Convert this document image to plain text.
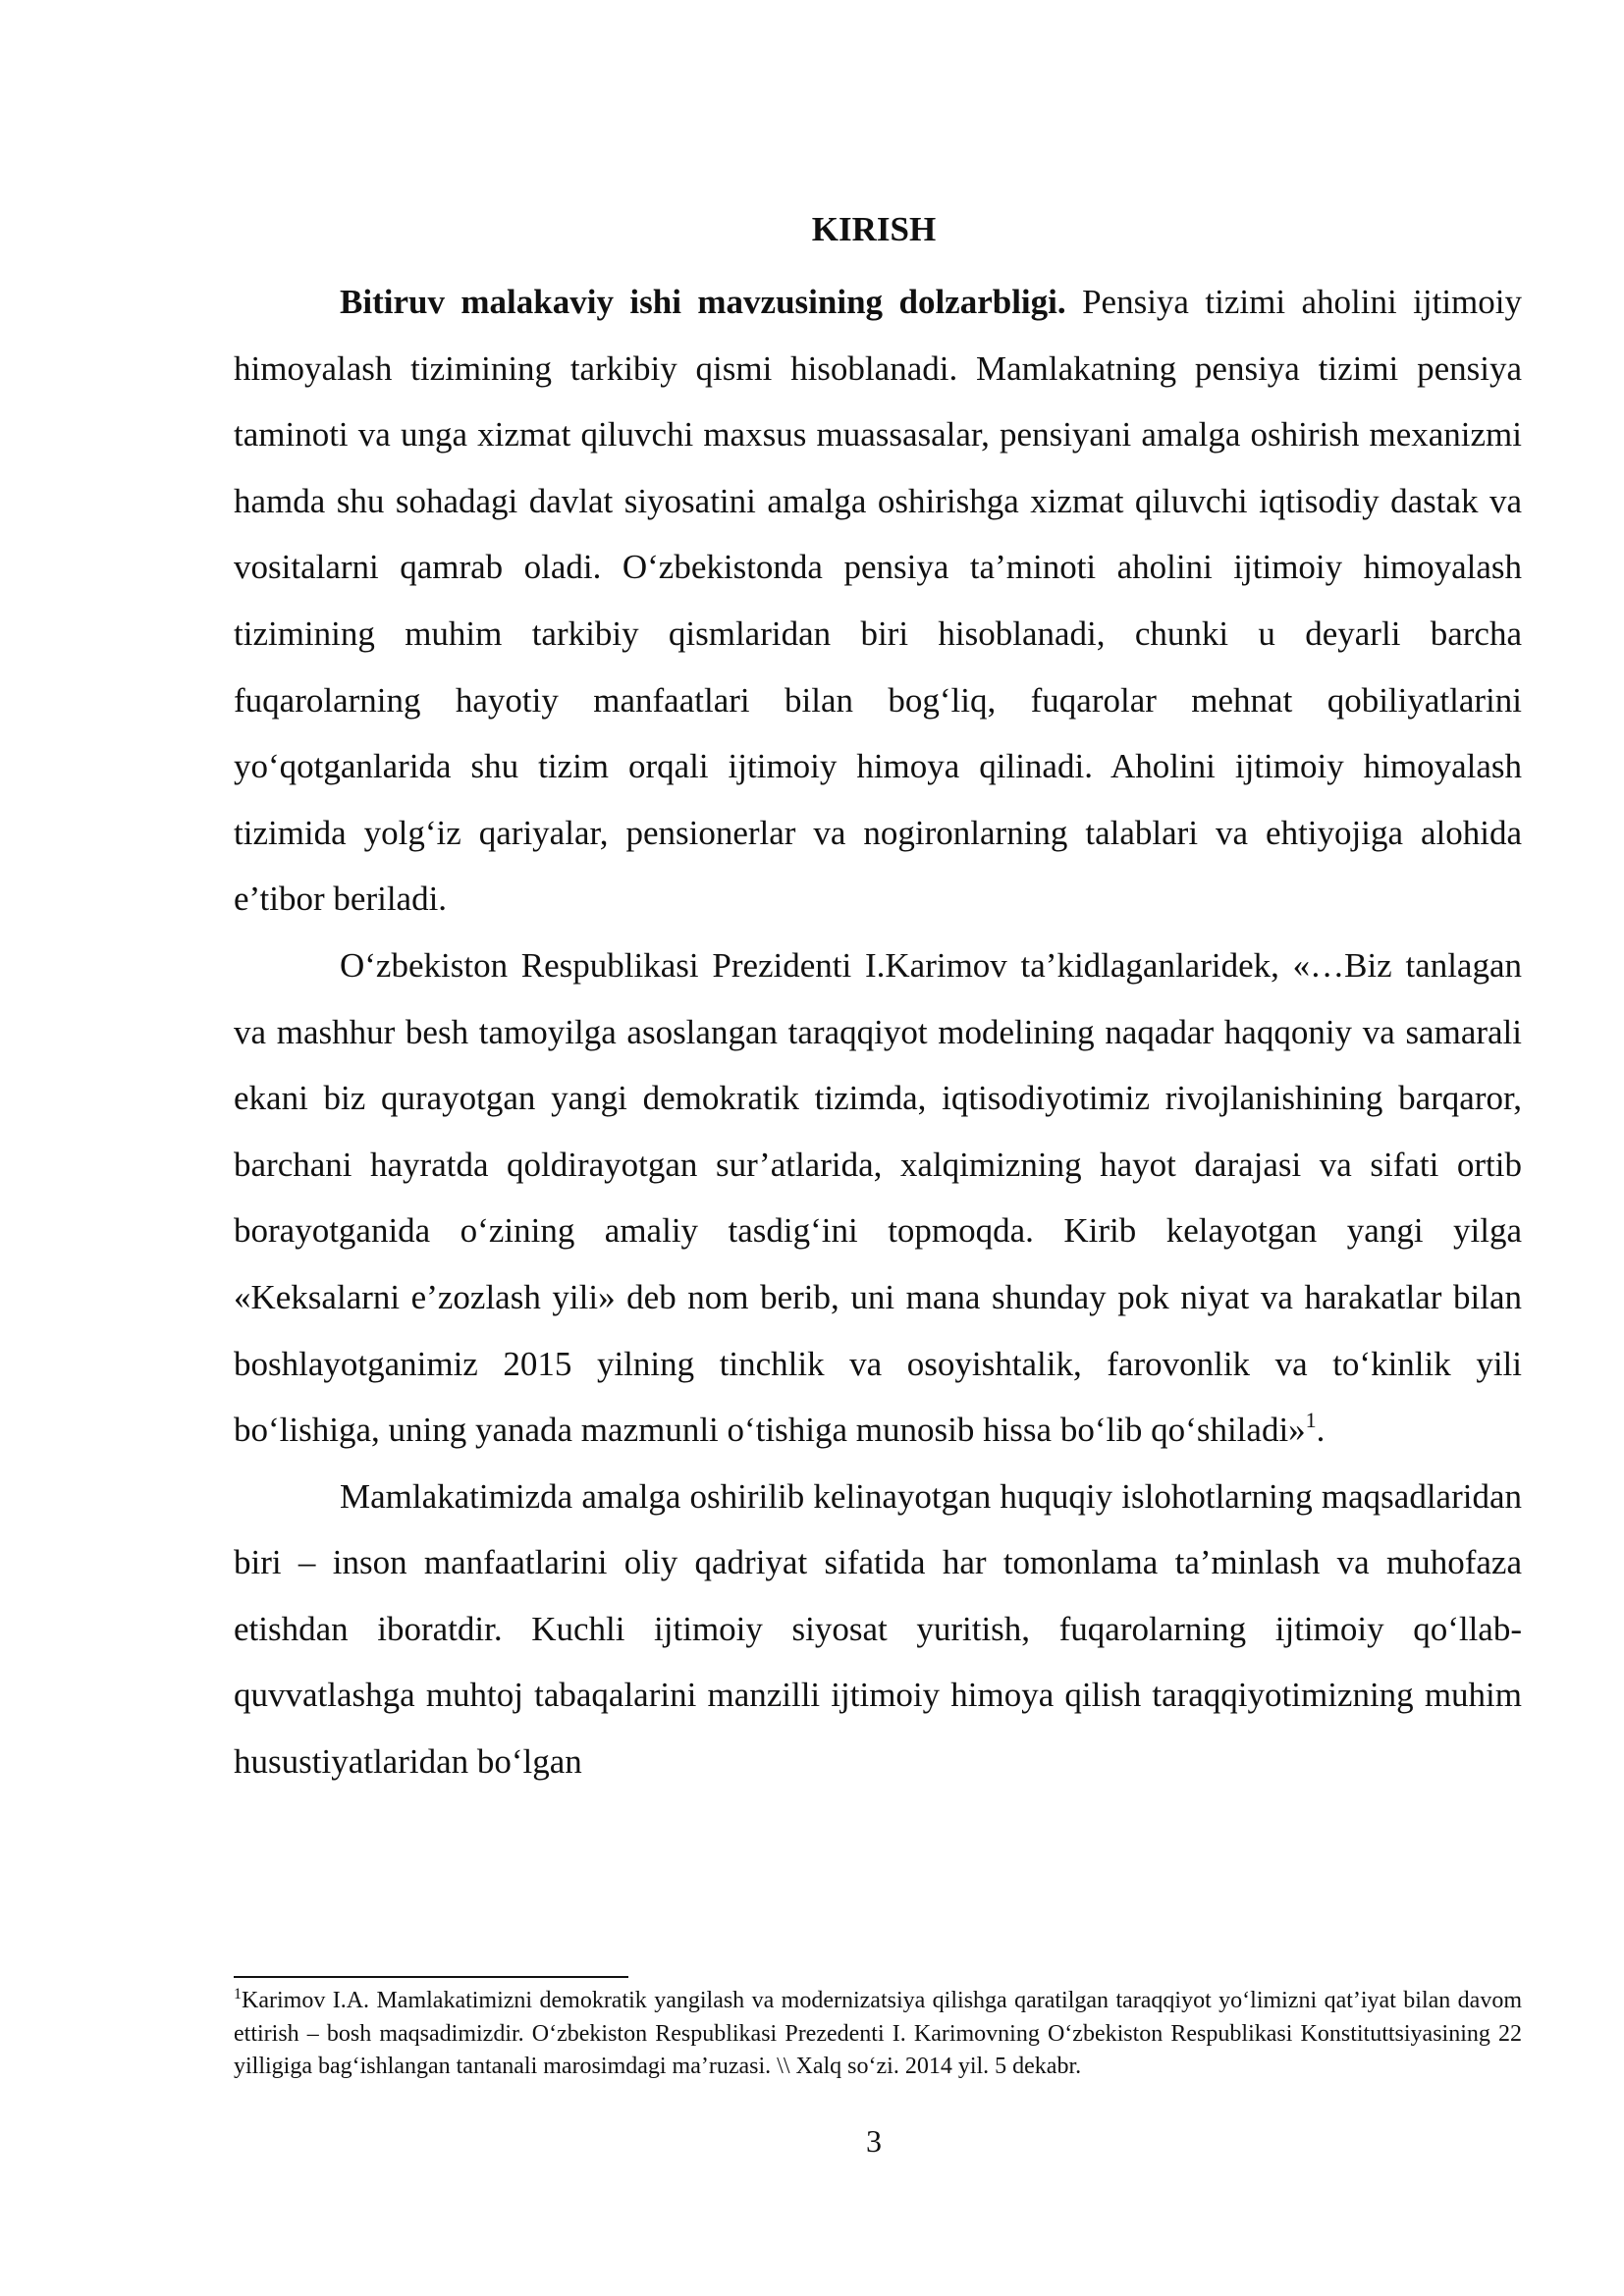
KIRISH

Bitiruv malakaviy ishi mavzusining dolzarbligi. Pensiya tizimi aholini ijtimoiy himoyalash tizimining tarkibiy qismi hisoblanadi. Mamlakatning pensiya tizimi pensiya taminoti va unga xizmat qiluvchi maxsus muassasalar, pensiyani amalga oshirish mexanizmi hamda shu sohadagi davlat siyosatini amalga oshirishga xizmat qiluvchi iqtisodiy dastak va vositalarni qamrab oladi. O‘zbekistonda pensiya ta’minoti aholini ijtimoiy himoyalash tizimining muhim tarkibiy qismlaridan biri hisoblanadi, chunki u deyarli barcha fuqarolarning hayotiy manfaatlari bilan bog‘liq, fuqarolar mehnat qobiliyatlarini yo‘qotganlarida shu tizim orqali ijtimoiy himoya qilinadi. Aholini ijtimoiy himoyalash tizimida yolg‘iz qariyalar, pensionerlar va nogironlarning talablari va ehtiyojiga alohida e’tibor beriladi.

O‘zbekiston Respublikasi Prezidenti I.Karimov ta’kidlaganlaridek, «…Biz tanlagan va mashhur besh tamoyilga asoslangan taraqqiyot modelining naqadar haqqoniy va samarali ekani biz qurayotgan yangi demokratik tizimda, iqtisodiyotimiz rivojlanishining barqaror, barchani hayratda qoldirayotgan sur’atlarida, xalqimizning hayot darajasi va sifati ortib borayotganida o‘zining amaliy tasdig‘ini topmoqda. Kirib kelayotgan yangi yilga «Keksalarni e’zozlash yili» deb nom berib, uni mana shunday pok niyat va harakatlar bilan boshlayotganimiz 2015 yilning tinchlik va osoyishtalik, farovonlik va to‘kinlik yili bo‘lishiga, uning yanada mazmunli o‘tishiga munosib hissa bo‘lib qo‘shiladi»$^1$.

Mamlakatimizda amalga oshirilib kelinayotgan huquqiy islohotlarning maqsadlaridan biri – inson manfaatlarini oliy qadriyat sifatida har tomonlama ta’minlash va muhofaza etishdan iboratdir. Kuchli ijtimoiy siyosat yuritish, fuqarolarning ijtimoiy qo‘llab-quvvatlashga muhtoj tabaqalarini manzilli ijtimoiy himoya qilish taraqqiyotimizning muhim husustiyatlaridan bo‘lgan

$^1$Karimov I.A. Mamlakatimizni demokratik yangilash va modernizatsiya qilishga qaratilgan taraqqiyot yo‘limizni qat’iyat bilan davom ettirish – bosh maqsadimizdir. O‘zbekiston Respublikasi Prezedenti I. Karimovning O‘zbekiston Respublikasi Konstituttsiyasining 22 yilligiga bag‘ishlangan tantanali marosimdagi ma’ruzasi. \\ Xalq so‘zi. 2014 yil. 5 dekabr.
3
